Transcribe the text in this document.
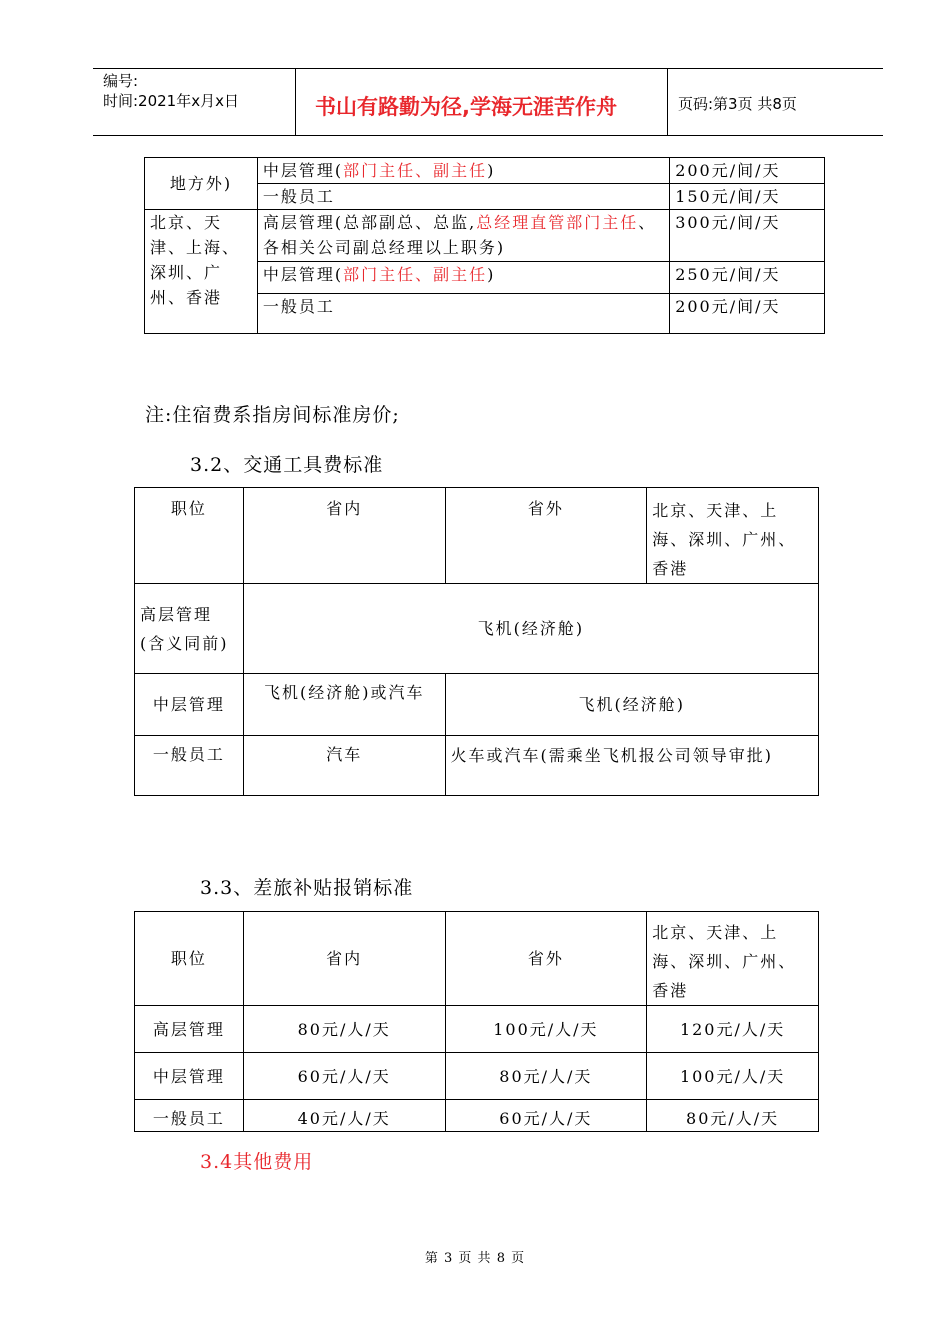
编号:
时间:2021年x月x日	书山有路勤为径,学海无涯苦作舟	页码:第3页 共8页
地方外)	中层管理(部门主任、副主任)	200元/间/天
	一般员工	150元/间/天
北京、天津、上海、深圳、广州、香港	高层管理(总部副总、总监,总经理直管部门主任、各相关公司副总经理以上职务)	300元/间/天
	中层管理(部门主任、副主任)	250元/间/天
	一般员工	200元/间/天
注:住宿费系指房间标准房价;
3.2、交通工具费标准
职位	省内	省外	北京、天津、上海、深圳、广州、香港
高层管理(含义同前)	飞机(经济舱)		
中层管理	飞机(经济舱)或汽车	飞机(经济舱)	
一般员工	汽车	火车或汽车(需乘坐飞机报公司领导审批)	
3.3、差旅补贴报销标准
职位	省内	省外	北京、天津、上海、深圳、广州、香港
高层管理	80元/人/天	100元/人/天	120元/人/天
中层管理	60元/人/天	80元/人/天	100元/人/天
一般员工	40元/人/天	60元/人/天	80元/人/天
3.4其他费用
第 3 页 共 8 页
